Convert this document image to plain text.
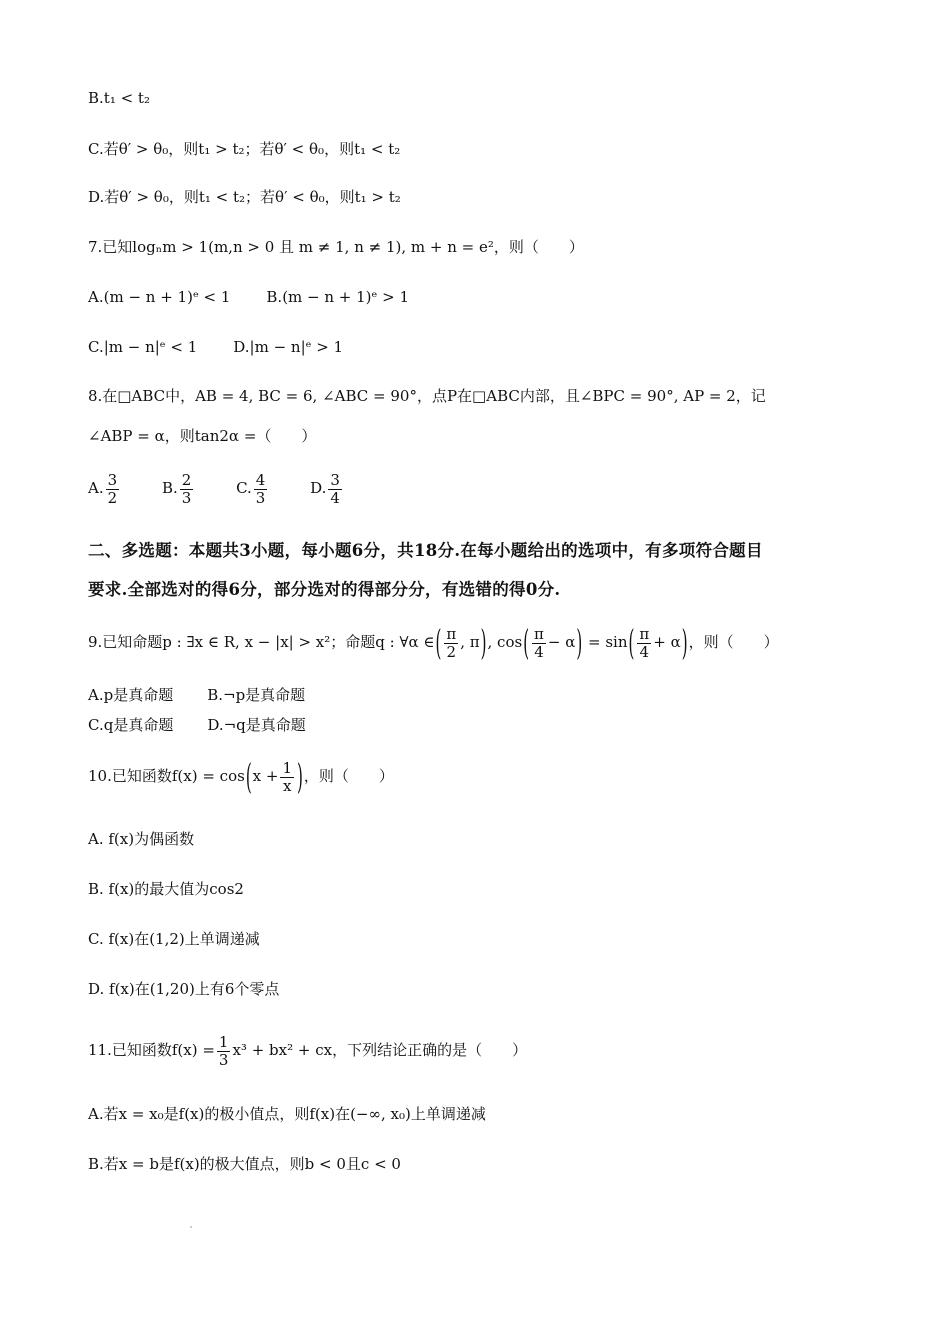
B.t₁ < t₂
C.若θ′ > θ₀，则t₁ > t₂；若θ′ < θ₀，则t₁ < t₂
D.若θ′ > θ₀，则t₁ < t₂；若θ′ < θ₀，则t₁ > t₂
7.已知logₙm > 1(m,n > 0 且 m ≠ 1, n ≠ 1), m + n = e²，则（　　）
A.(m − n + 1)ᵉ < 1 B.(m − n + 1)ᵉ > 1
C.|m − n|ᵉ < 1 D.|m − n|ᵉ > 1
8.在□ABC中，AB = 4, BC = 6, ∠ABC = 90°，点P在□ABC内部，且∠BPC = 90°, AP = 2，记
∠ABP = α，则tan2α =（　　）
A. $\frac{3}{2}$	B. $\frac{2}{3}$	C. $\frac{4}{3}$	D. $\frac{3}{4}$
二、多选题：本题共3小题，每小题6分，共18分.在每小题给出的选项中，有多项符合题目
要求.全部选对的得6分，部分选对的得部分分，有选错的得0分.
9.已知命题p : ∃x ∈ R, x − |x| > x²；命题q : ∀α ∈( $\frac{\pi}{2}$ , π), $\cos( \frac{\pi}{4} - \alpha) = \sin( \frac{\pi}{4} + \alpha)$，则（　　）
A.p是真命题 B.¬p是真命题
C.q是真命题 D.¬q是真命题
10.已知函数$f(x) = \cos(x + \frac{1}{x}$ )，则（　　）
A. f(x)为偶函数
B. f(x)的最大值为cos2
C. f(x)在(1,2)上单调递减
D. f(x)在(1,20)上有6个零点
11.已知函数$f(x) = \frac{1}{3} x^3 + bx^2$ + cx，下列结论正确的是（　　）
A.若x = x₀是f(x)的极小值点，则f(x)在(−∞, x₀)上单调递减
B.若x = b是f(x)的极大值点，则b < 0且c < 0
